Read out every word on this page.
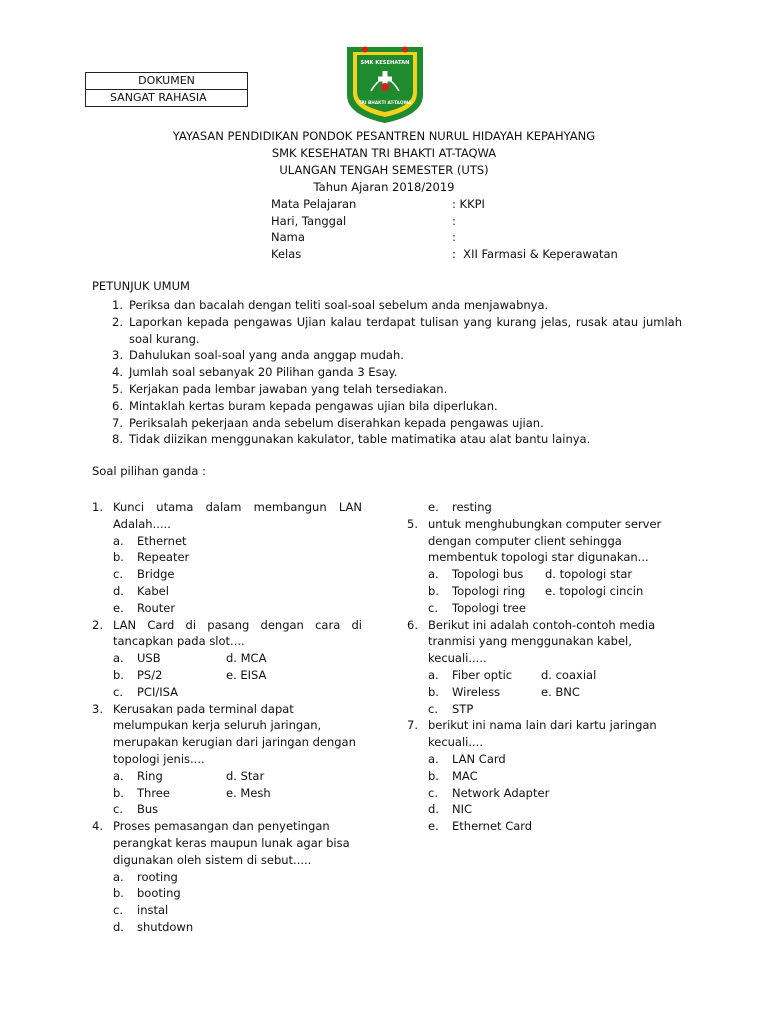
DOKUMEN
SANGAT RAHASIA
SMK KESEHATAN
TRI BHAKTI AT-TAQWA
YAYASAN PENDIDIKAN PONDOK PESANTREN NURUL HIDAYAH KEPAHYANG
SMK KESEHATAN TRI BHAKTI AT-TAQWA
ULANGAN TENGAH SEMESTER (UTS)
Tahun Ajaran 2018/2019
Mata Pelajaran	: KKPI
Hari, Tanggal	:
Nama	:
Kelas	:  XII Farmasi & Keperawatan
PETUNJUK UMUM
1. Periksa dan bacalah dengan teliti soal-soal sebelum anda menjawabnya.
2. Laporkan kepada pengawas Ujian kalau terdapat tulisan yang kurang jelas, rusak atau jumlah soal kurang.
3. Dahulukan soal-soal yang anda anggap mudah.
4. Jumlah soal sebanyak 20 Pilihan ganda 3 Esay.
5. Kerjakan pada lembar jawaban yang telah tersediakan.
6. Mintaklah kertas buram kepada pengawas ujian bila diperlukan.
7. Periksalah pekerjaan anda sebelum diserahkan kepada pengawas ujian.
8. Tidak diizikan menggunakan kakulator, table matimatika atau alat bantu lainya.
Soal pilihan ganda :
1. Kunci utama dalam membangun LAN
Adalah.....
a. Ethernet
b. Repeater
c. Bridge
d. Kabel
e. Router
2. LAN Card di pasang dengan cara di
tancapkan pada slot....
a. USB	d. MCA
b. PS/2	e. EISA
c. PCI/ISA
3. Kerusakan pada terminal dapat
melumpukan kerja seluruh jaringan,
merupakan kerugian dari jaringan dengan
topologi jenis....
a. Ring	d. Star
b. Three	e. Mesh
c. Bus
4. Proses pemasangan dan penyetingan
perangkat keras maupun lunak agar bisa
digunakan oleh sistem di sebut.....
a. rooting
b. booting
c. instal
d. shutdown
e. resting
5. untuk menghubungkan computer server
dengan computer client sehingga
membentuk topologi star digunakan...
a. Topologi bus d. topologi star
b. Topologi ring e. topologi cincin
c. Topologi tree
6. Berikut ini adalah contoh-contoh media
tranmisi yang menggunakan kabel,
kecuali.....
a. Fiber optic	d. coaxial
b. Wireless	e. BNC
c. STP
7. berikut ini nama lain dari kartu jaringan
kecuali....
a. LAN Card
b. MAC
c. Network Adapter
d. NIC
e. Ethernet Card
